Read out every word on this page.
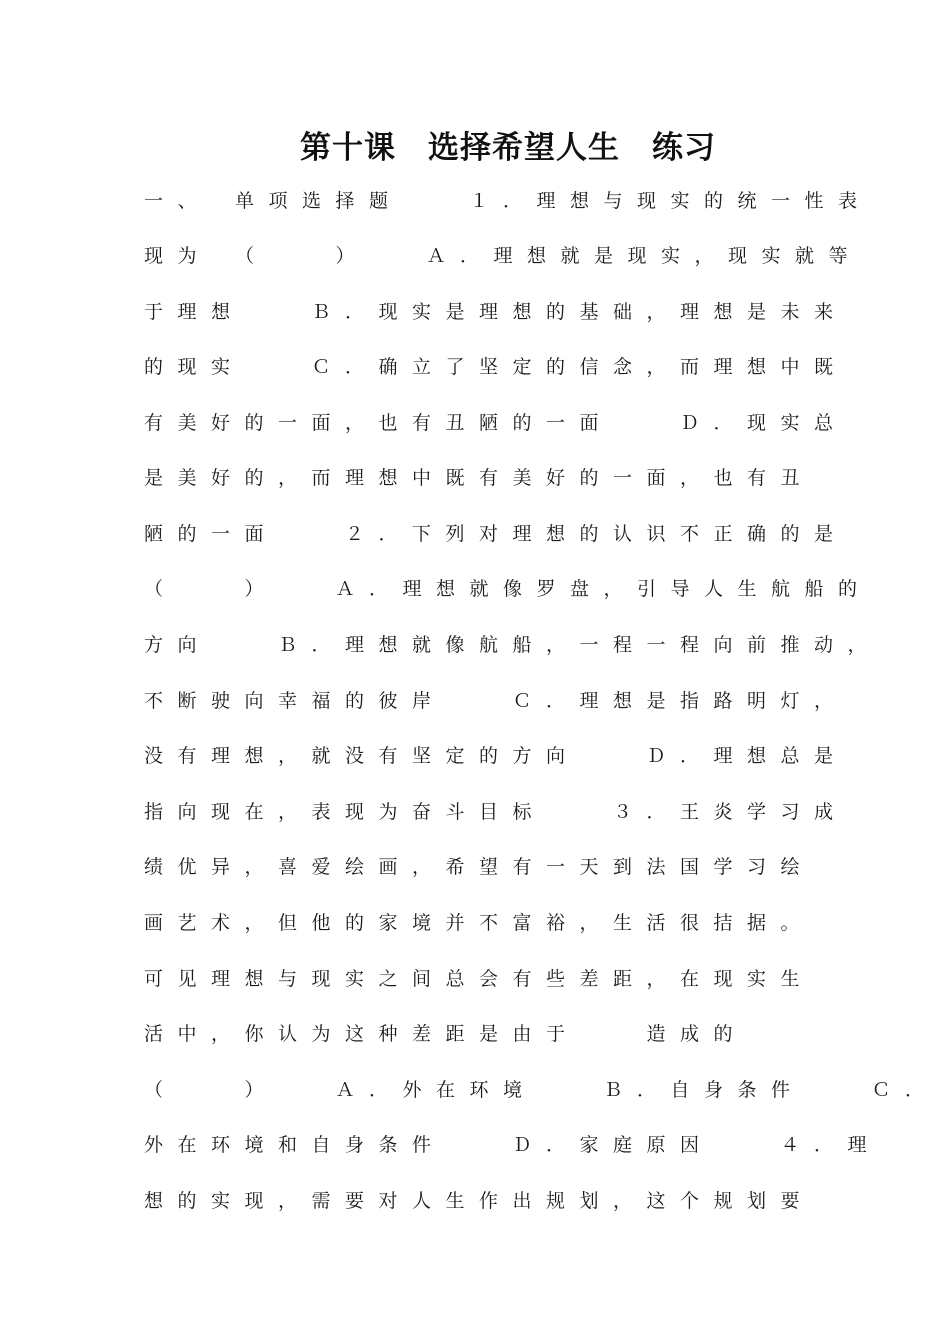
第十课　选择希望人生　练习
一、　单项选择题　　１．理想与现实的统一性表
现为　（　　）　　Ａ．理想就是现实，现实就等
于理想　　Ｂ．现实是理想的基础，理想是未来
的现实　　Ｃ．确立了坚定的信念，而理想中既
有美好的一面，也有丑陋的一面　　Ｄ．现实总
是美好的，而理想中既有美好的一面，也有丑
陋的一面　　２．下列对理想的认识不正确的是
（　　）　　Ａ．理想就像罗盘，引导人生航船的
方向　　Ｂ．理想就像航船，一程一程向前推动，
不断驶向幸福的彼岸　　Ｃ．理想是指路明灯，
没有理想，就没有坚定的方向　　Ｄ．理想总是
指向现在，表现为奋斗目标　　３．王炎学习成
绩优异，喜爱绘画，希望有一天到法国学习绘
画艺术，但他的家境并不富裕，生活很拮据。
可见理想与现实之间总会有些差距，在现实生
活中，你认为这种差距是由于　　造成的
（　　）　　Ａ．外在环境　　Ｂ．自身条件　　Ｃ．
外在环境和自身条件　　Ｄ．家庭原因　　４．理
想的实现，需要对人生作出规划，这个规划要
